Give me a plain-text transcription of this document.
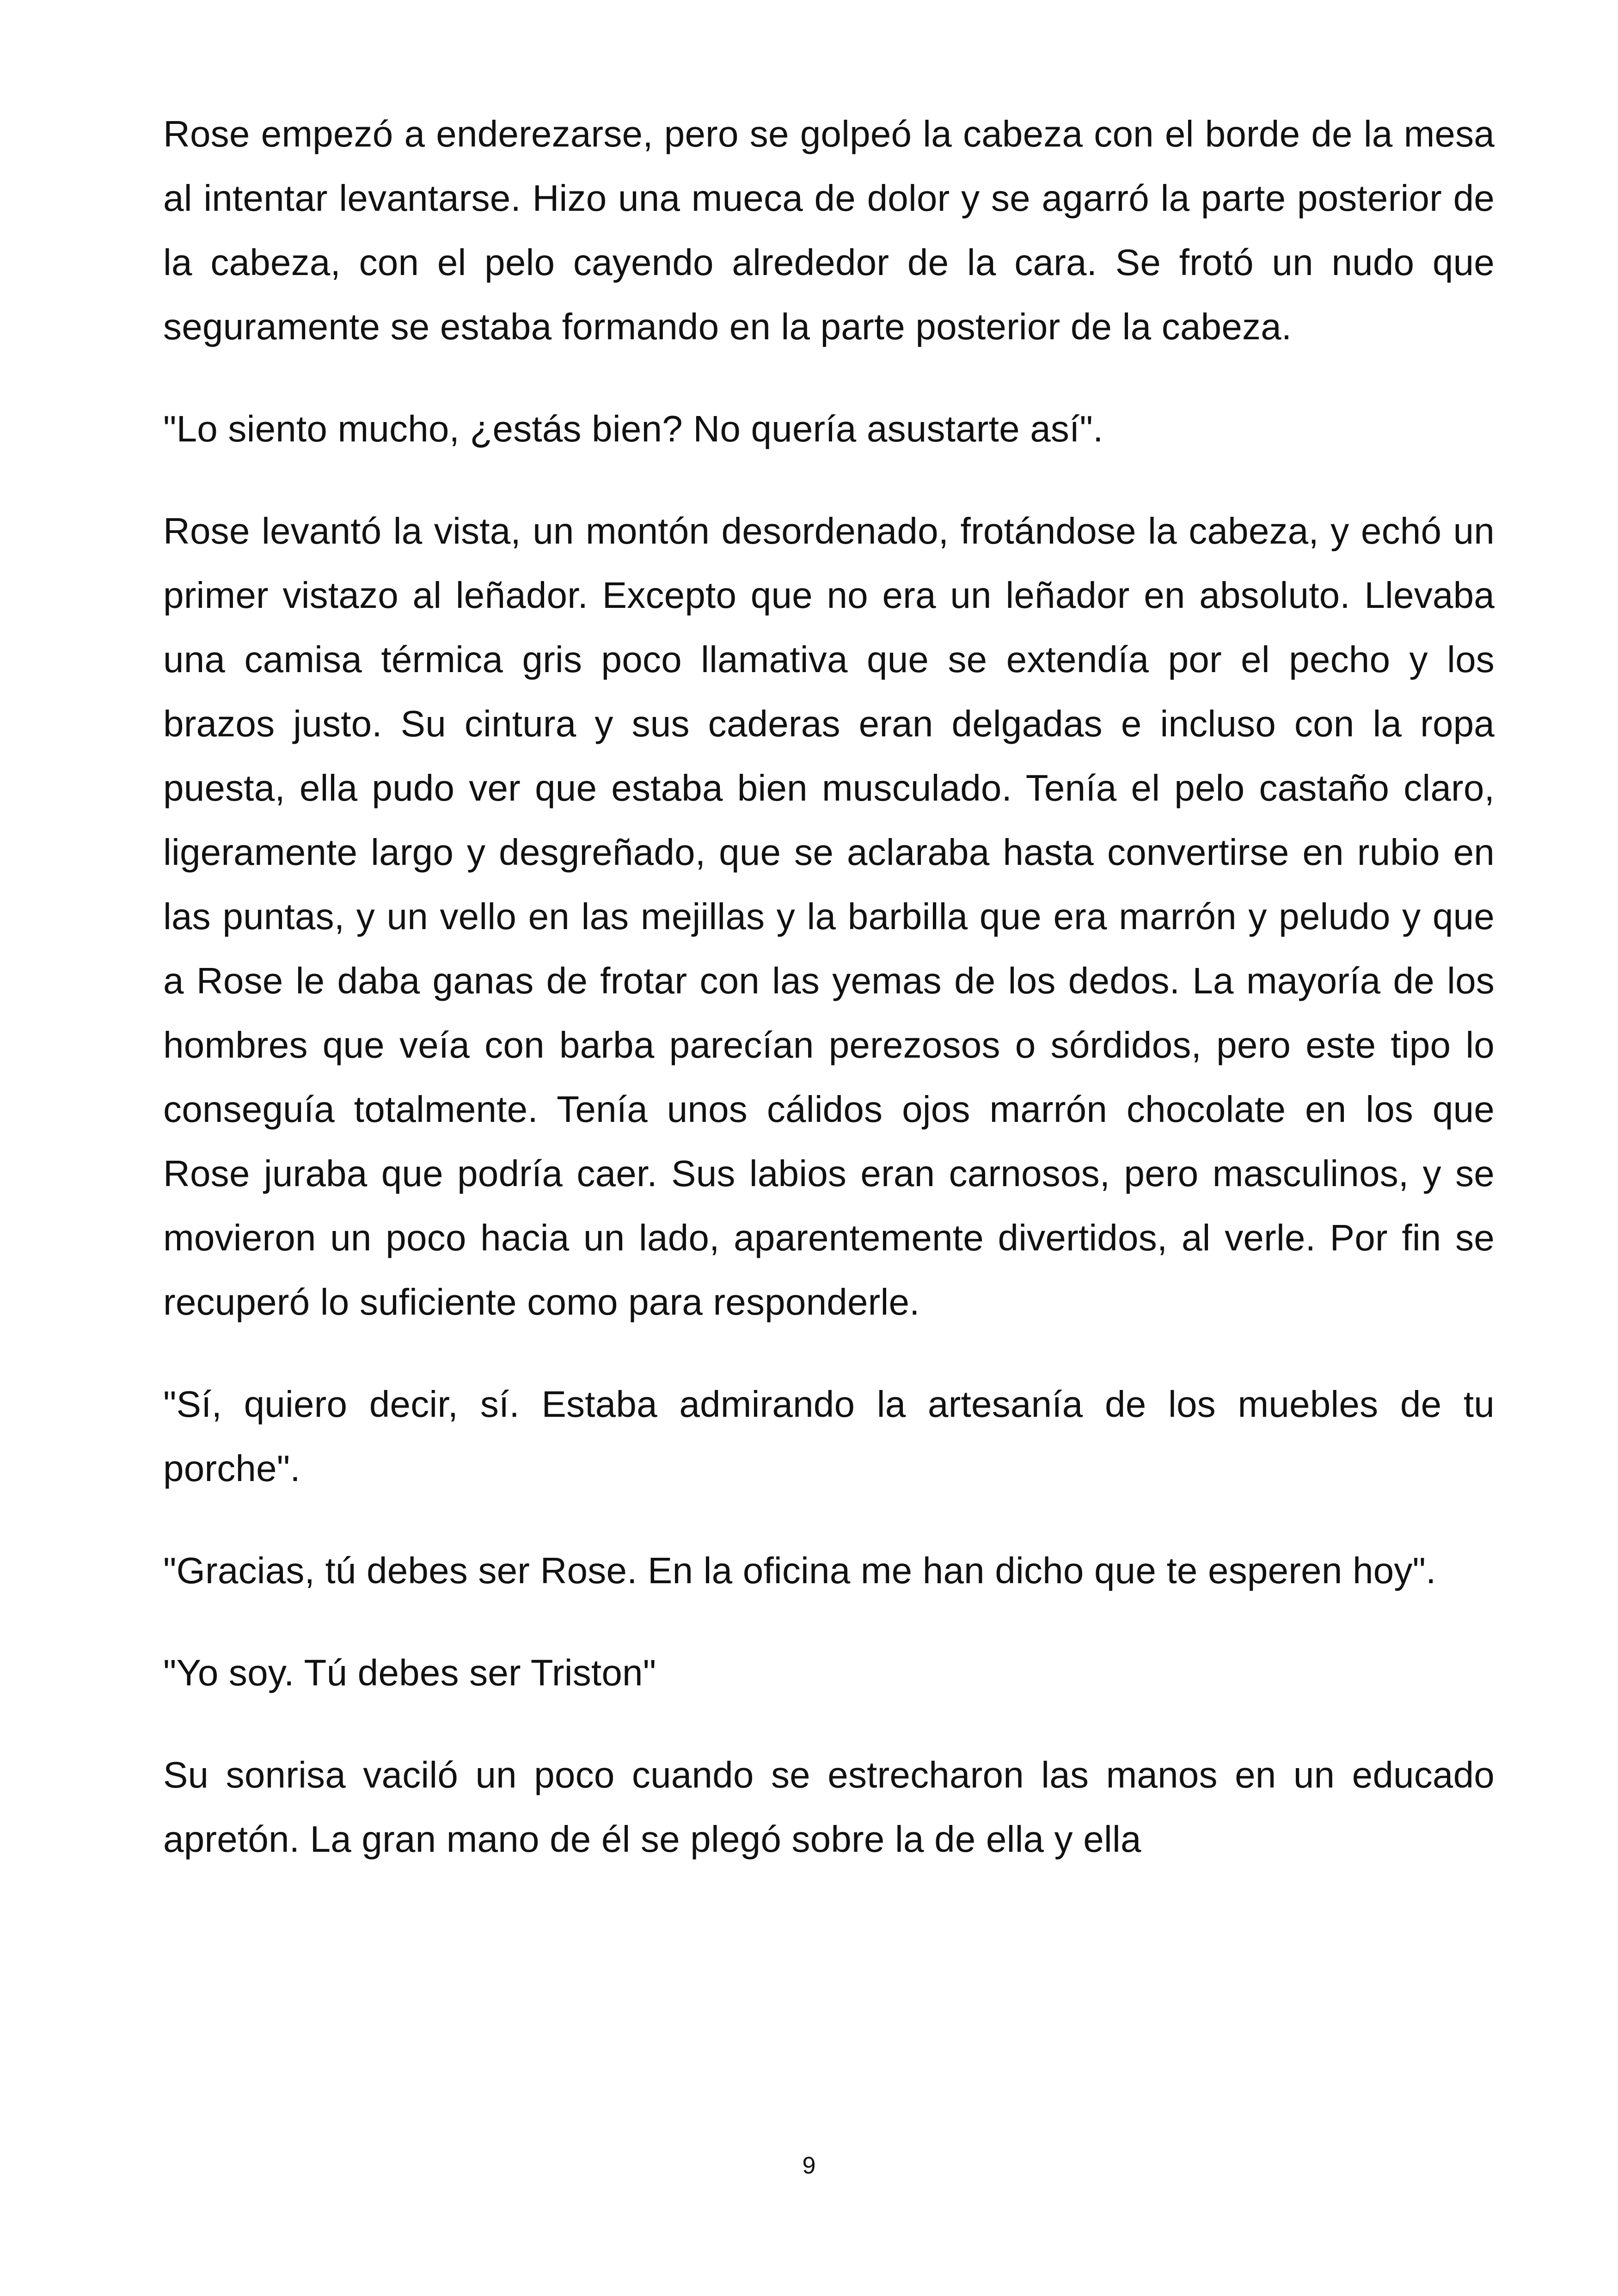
Rose empezó a enderezarse, pero se golpeó la cabeza con el borde de la mesa al intentar levantarse. Hizo una mueca de dolor y se agarró la parte posterior de la cabeza, con el pelo cayendo alrededor de la cara. Se frotó un nudo que seguramente se estaba formando en la parte posterior de la cabeza.

"Lo siento mucho, ¿estás bien? No quería asustarte así".

Rose levantó la vista, un montón desordenado, frotándose la cabeza, y echó un primer vistazo al leñador. Excepto que no era un leñador en absoluto. Llevaba una camisa térmica gris poco llamativa que se extendía por el pecho y los brazos justo. Su cintura y sus caderas eran delgadas e incluso con la ropa puesta, ella pudo ver que estaba bien musculado. Tenía el pelo castaño claro, ligeramente largo y desgreñado, que se aclaraba hasta convertirse en rubio en las puntas, y un vello en las mejillas y la barbilla que era marrón y peludo y que a Rose le daba ganas de frotar con las yemas de los dedos. La mayoría de los hombres que veía con barba parecían perezosos o sórdidos, pero este tipo lo conseguía totalmente. Tenía unos cálidos ojos marrón chocolate en los que Rose juraba que podría caer. Sus labios eran carnosos, pero masculinos, y se movieron un poco hacia un lado, aparentemente divertidos, al verle. Por fin se recuperó lo suficiente como para responderle.

"Sí, quiero decir, sí. Estaba admirando la artesanía de los muebles de tu porche".

"Gracias, tú debes ser Rose. En la oficina me han dicho que te esperen hoy".

"Yo soy. Tú debes ser Triston"

Su sonrisa vaciló un poco cuando se estrecharon las manos en un educado apretón. La gran mano de él se plegó sobre la de ella y ella

9
